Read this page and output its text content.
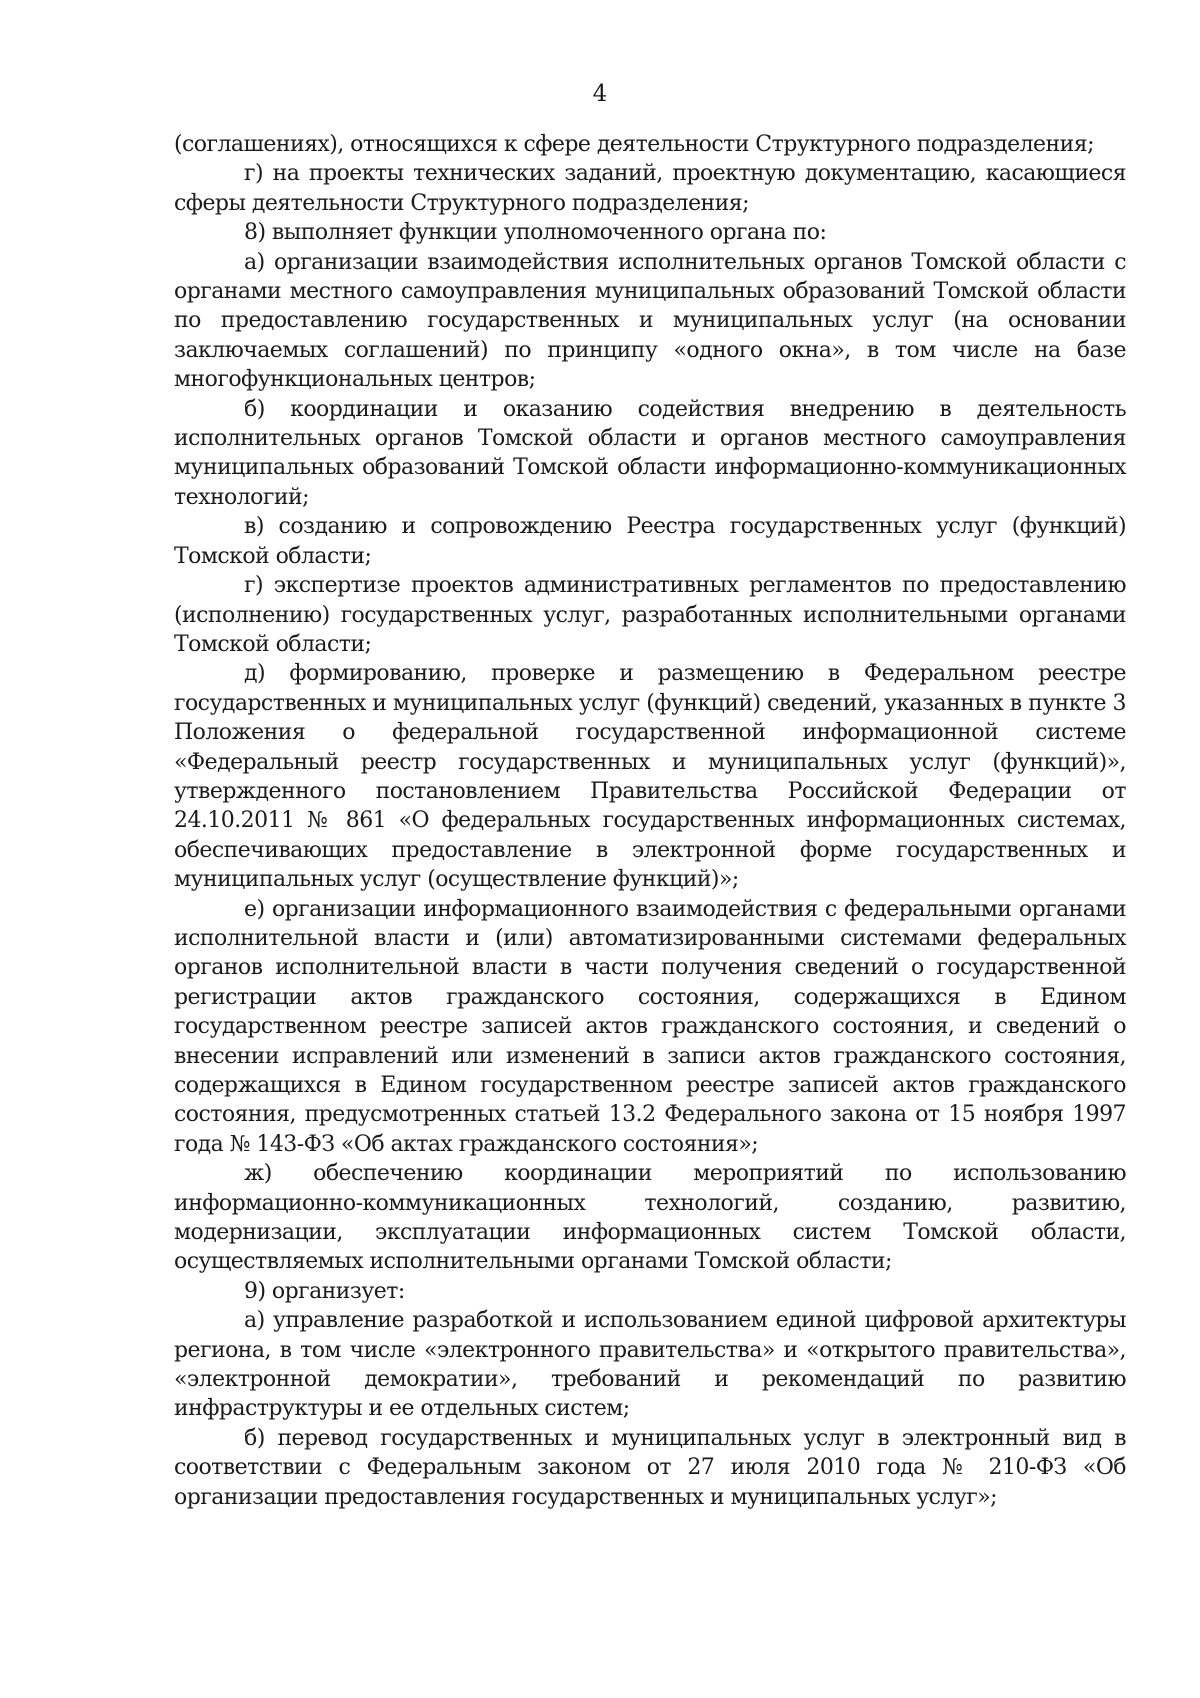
4

(соглашениях), относящихся к сфере деятельности Структурного подразделения;

г) на проекты технических заданий, проектную документацию, касающиеся сферы деятельности Структурного подразделения;

8) выполняет функции уполномоченного органа по:

а) организации взаимодействия исполнительных органов Томской области с органами местного самоуправления муниципальных образований Томской области по предоставлению государственных и муниципальных услуг (на основании заключаемых соглашений) по принципу «одного окна», в том числе на базе многофункциональных центров;

б) координации и оказанию содействия внедрению в деятельность исполнительных органов Томской области и органов местного самоуправления муниципальных образований Томской области информационно-коммуникационных технологий;

в) созданию и сопровождению Реестра государственных услуг (функций) Томской области;

г) экспертизе проектов административных регламентов по предоставлению (исполнению) государственных услуг, разработанных исполнительными органами Томской области;

д) формированию, проверке и размещению в Федеральном реестре государственных и муниципальных услуг (функций) сведений, указанных в пункте 3 Положения о федеральной государственной информационной системе «Федеральный реестр государственных и муниципальных услуг (функций)», утвержденного постановлением Правительства Российской Федерации от 24.10.2011 № 861 «О федеральных государственных информационных системах, обеспечивающих предоставление в электронной форме государственных и муниципальных услуг (осуществление функций)»;

е) организации информационного взаимодействия с федеральными органами исполнительной власти и (или) автоматизированными системами федеральных органов исполнительной власти в части получения сведений о государственной регистрации актов гражданского состояния, содержащихся в Едином государственном реестре записей актов гражданского состояния, и сведений о внесении исправлений или изменений в записи актов гражданского состояния, содержащихся в Едином государственном реестре записей актов гражданского состояния, предусмотренных статьей 13.2 Федерального закона от 15 ноября 1997 года № 143-ФЗ «Об актах гражданского состояния»;

ж) обеспечению координации мероприятий по использованию информационно-коммуникационных технологий, созданию, развитию, модернизации, эксплуатации информационных систем Томской области, осуществляемых исполнительными органами Томской области;

9) организует:

а) управление разработкой и использованием единой цифровой архитектуры региона, в том числе «электронного правительства» и «открытого правительства», «электронной демократии», требований и рекомендаций по развитию инфраструктуры и ее отдельных систем;

б) перевод государственных и муниципальных услуг в электронный вид в соответствии с Федеральным законом от 27 июля 2010 года № 210-ФЗ «Об организации предоставления государственных и муниципальных услуг»;
